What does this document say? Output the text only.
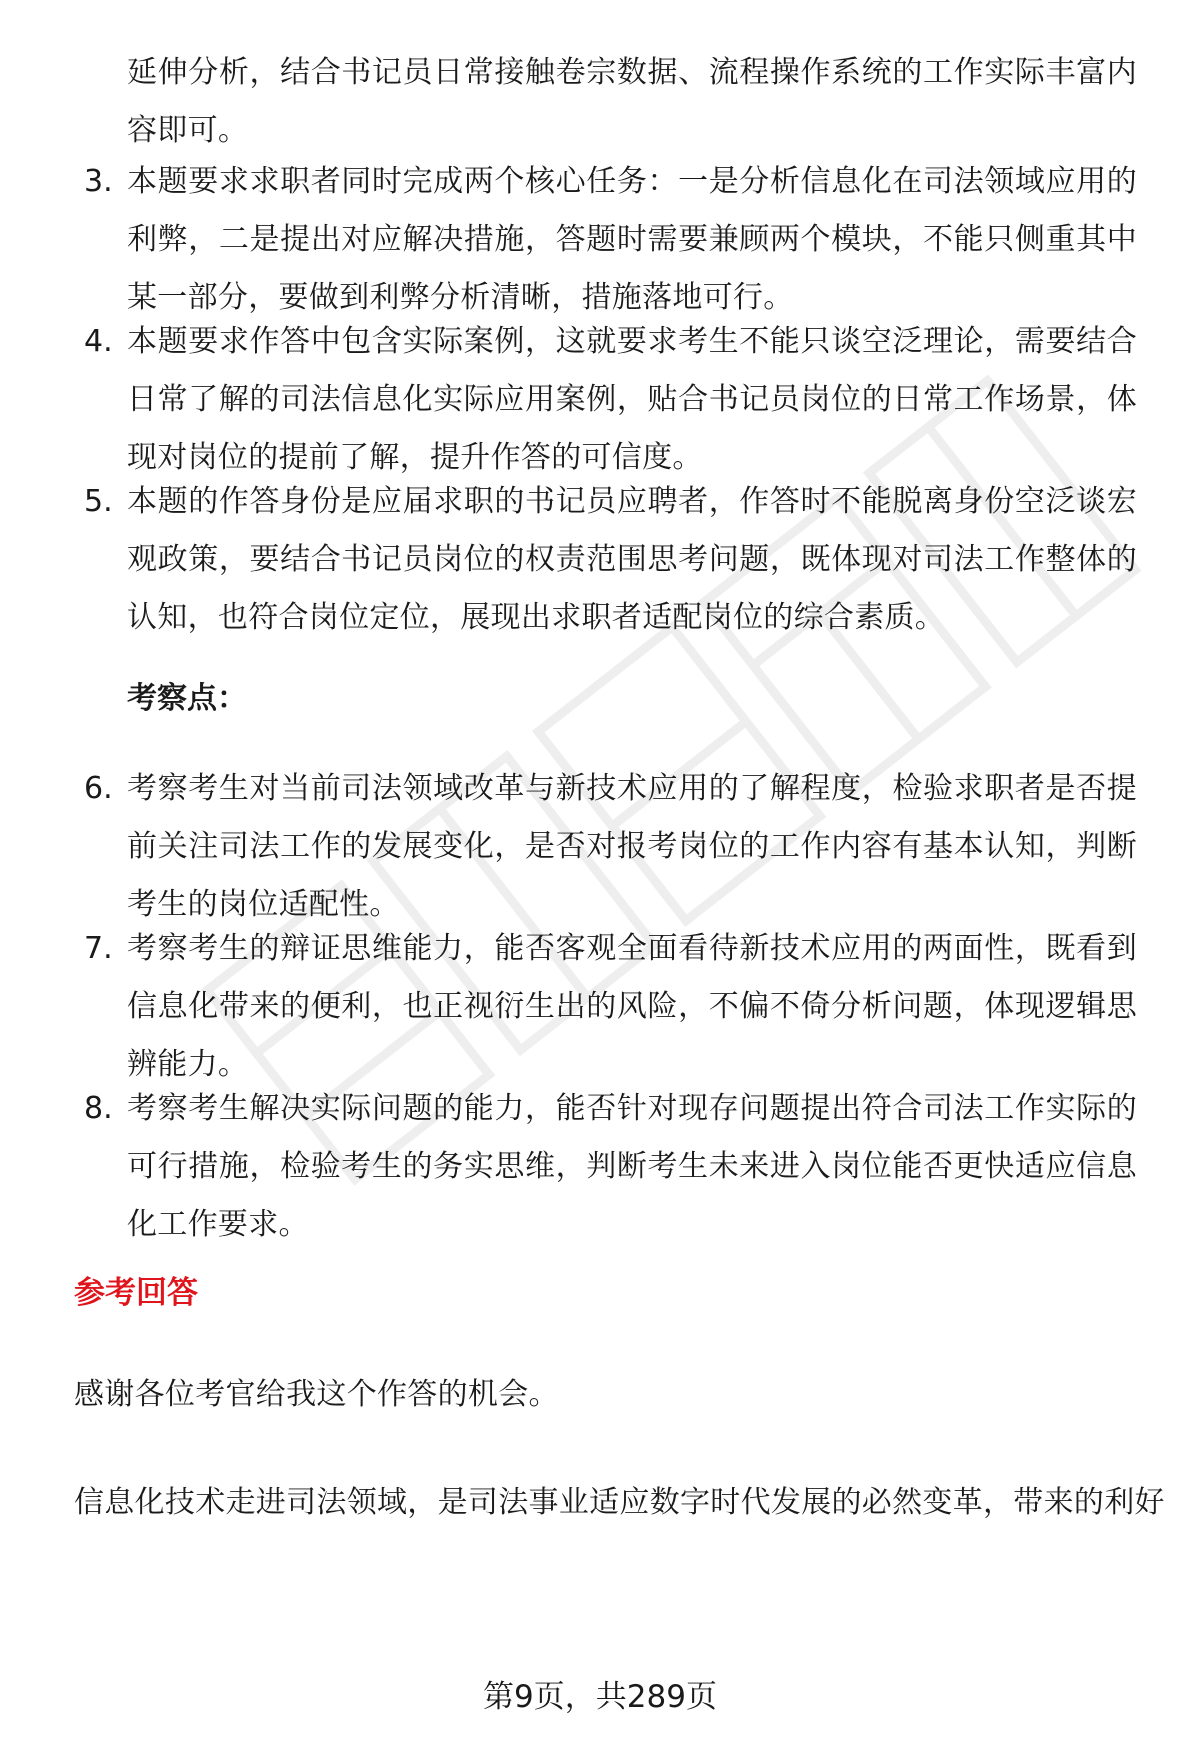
延伸分析，结合书记员日常接触卷宗数据、流程操作系统的工作实际丰富内容即可。
3. 本题要求求职者同时完成两个核心任务：一是分析信息化在司法领域应用的利弊，二是提出对应解决措施，答题时需要兼顾两个模块，不能只侧重其中某一部分，要做到利弊分析清晰，措施落地可行。
4. 本题要求作答中包含实际案例，这就要求考生不能只谈空泛理论，需要结合日常了解的司法信息化实际应用案例，贴合书记员岗位的日常工作场景，体现对岗位的提前了解，提升作答的可信度。
5. 本题的作答身份是应届求职的书记员应聘者，作答时不能脱离身份空泛谈宏观政策，要结合书记员岗位的权责范围思考问题，既体现对司法工作整体的认知，也符合岗位定位，展现出求职者适配岗位的综合素质。
考察点：
6. 考察考生对当前司法领域改革与新技术应用的了解程度，检验求职者是否提前关注司法工作的发展变化，是否对报考岗位的工作内容有基本认知，判断考生的岗位适配性。
7. 考察考生的辩证思维能力，能否客观全面看待新技术应用的两面性，既看到信息化带来的便利，也正视衍生出的风险，不偏不倚分析问题，体现逻辑思辨能力。
8. 考察考生解决实际问题的能力，能否针对现存问题提出符合司法工作实际的可行措施，检验考生的务实思维，判断考生未来进入岗位能否更快适应信息化工作要求。
参考回答
感谢各位考官给我这个作答的机会。
信息化技术走进司法领域，是司法事业适应数字时代发展的必然变革，带来的利好
第9页，共289页
